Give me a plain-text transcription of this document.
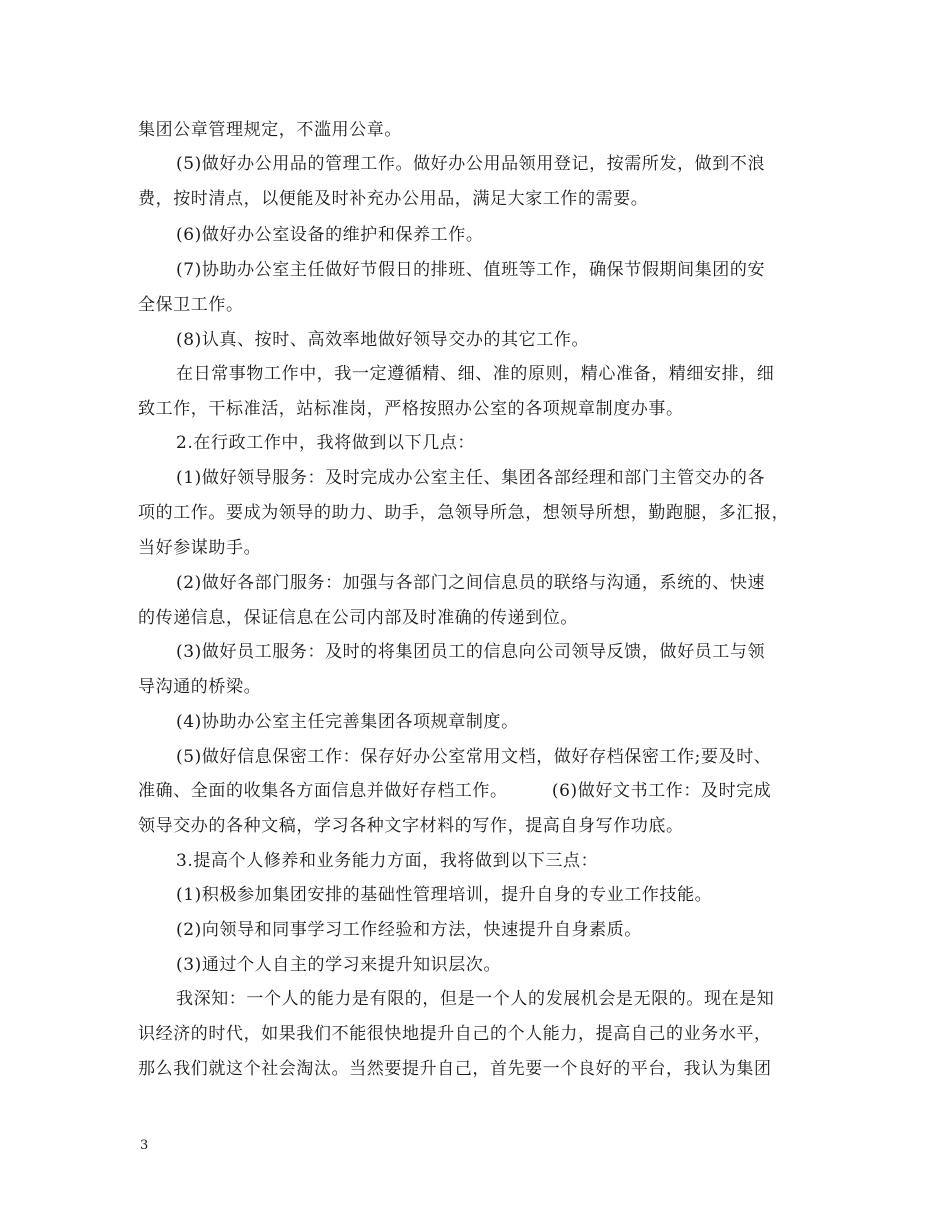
集团公章管理规定，不滥用公章。
(5)做好办公用品的管理工作。做好办公用品领用登记，按需所发，做到不浪
费，按时清点，以便能及时补充办公用品，满足大家工作的需要。
(6)做好办公室设备的维护和保养工作。
(7)协助办公室主任做好节假日的排班、值班等工作，确保节假期间集团的安
全保卫工作。
(8)认真、按时、高效率地做好领导交办的其它工作。
在日常事物工作中，我一定遵循精、细、准的原则，精心准备，精细安排，细
致工作，干标准活，站标准岗，严格按照办公室的各项规章制度办事。
2.在行政工作中，我将做到以下几点：
(1)做好领导服务：及时完成办公室主任、集团各部经理和部门主管交办的各
项的工作。要成为领导的助力、助手，急领导所急，想领导所想，勤跑腿，多汇报，
当好参谋助手。
(2)做好各部门服务：加强与各部门之间信息员的联络与沟通，系统的、快速
的传递信息，保证信息在公司内部及时准确的传递到位。
(3)做好员工服务：及时的将集团员工的信息向公司领导反馈，做好员工与领
导沟通的桥梁。
(4)协助办公室主任完善集团各项规章制度。
(5)做好信息保密工作：保存好办公室常用文档，做好存档保密工作;要及时、
准确、全面的收集各方面信息并做好存档工作。　　　(6)做好文书工作：及时完成
领导交办的各种文稿，学习各种文字材料的写作，提高自身写作功底。
3.提高个人修养和业务能力方面，我将做到以下三点：
(1)积极参加集团安排的基础性管理培训，提升自身的专业工作技能。
(2)向领导和同事学习工作经验和方法，快速提升自身素质。
(3)通过个人自主的学习来提升知识层次。
我深知：一个人的能力是有限的，但是一个人的发展机会是无限的。现在是知
识经济的时代，如果我们不能很快地提升自己的个人能力，提高自己的业务水平，
那么我们就这个社会淘汰。当然要提升自己，首先要一个良好的平台，我认为集团
3
